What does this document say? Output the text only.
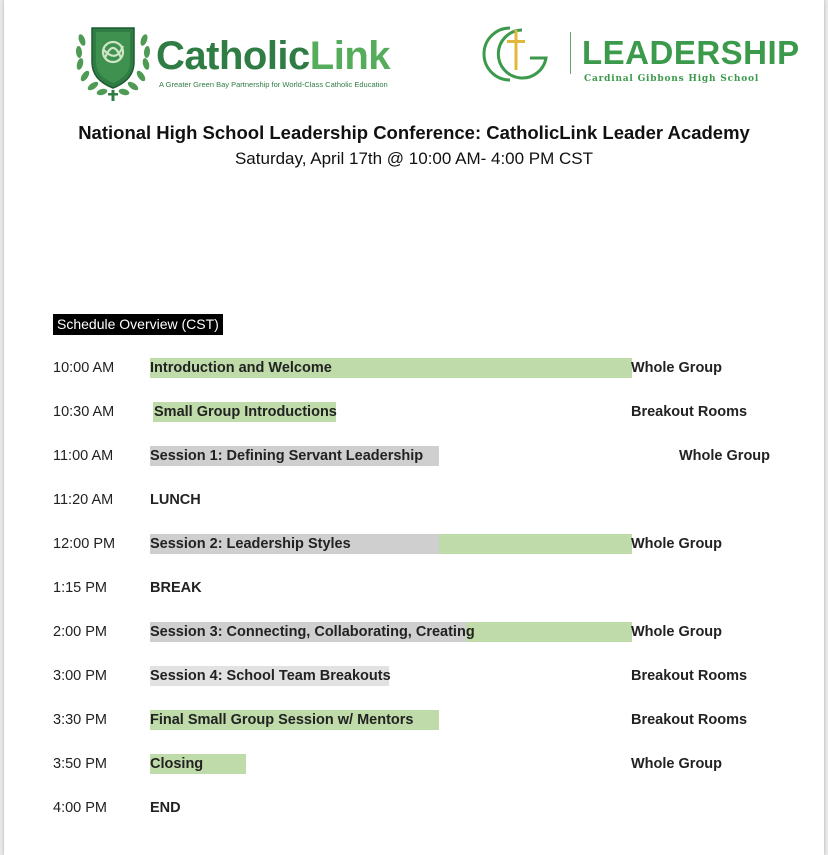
CatholicLink
A Greater Green Bay Partnership for World-Class Catholic Education
LEADERSHIP
Cardinal Gibbons High School
National High School Leadership Conference: CatholicLink Leader Academy
Saturday, April 17th @ 10:00 AM- 4:00 PM CST
Schedule Overview (CST)
10:00 AM Introduction and Welcome	Whole Group
10:30 AM	Small Group Introductions	Breakout Rooms
11:00 AM	Session 1: Defining Servant Leadership	Whole Group
11:20 AM	LUNCH
12:00 PM Session 2: Leadership Styles	Whole Group
1:15 PM	BREAK
2:00 PM	Session 3: Connecting, Collaborating, Creating	Whole Group
3:00 PM	Session 4: School Team Breakouts	Breakout Rooms
3:30 PM	Final Small Group Session w/ Mentors	Breakout Rooms
3:50 PM	Closing	Whole Group
4:00 PM	END
